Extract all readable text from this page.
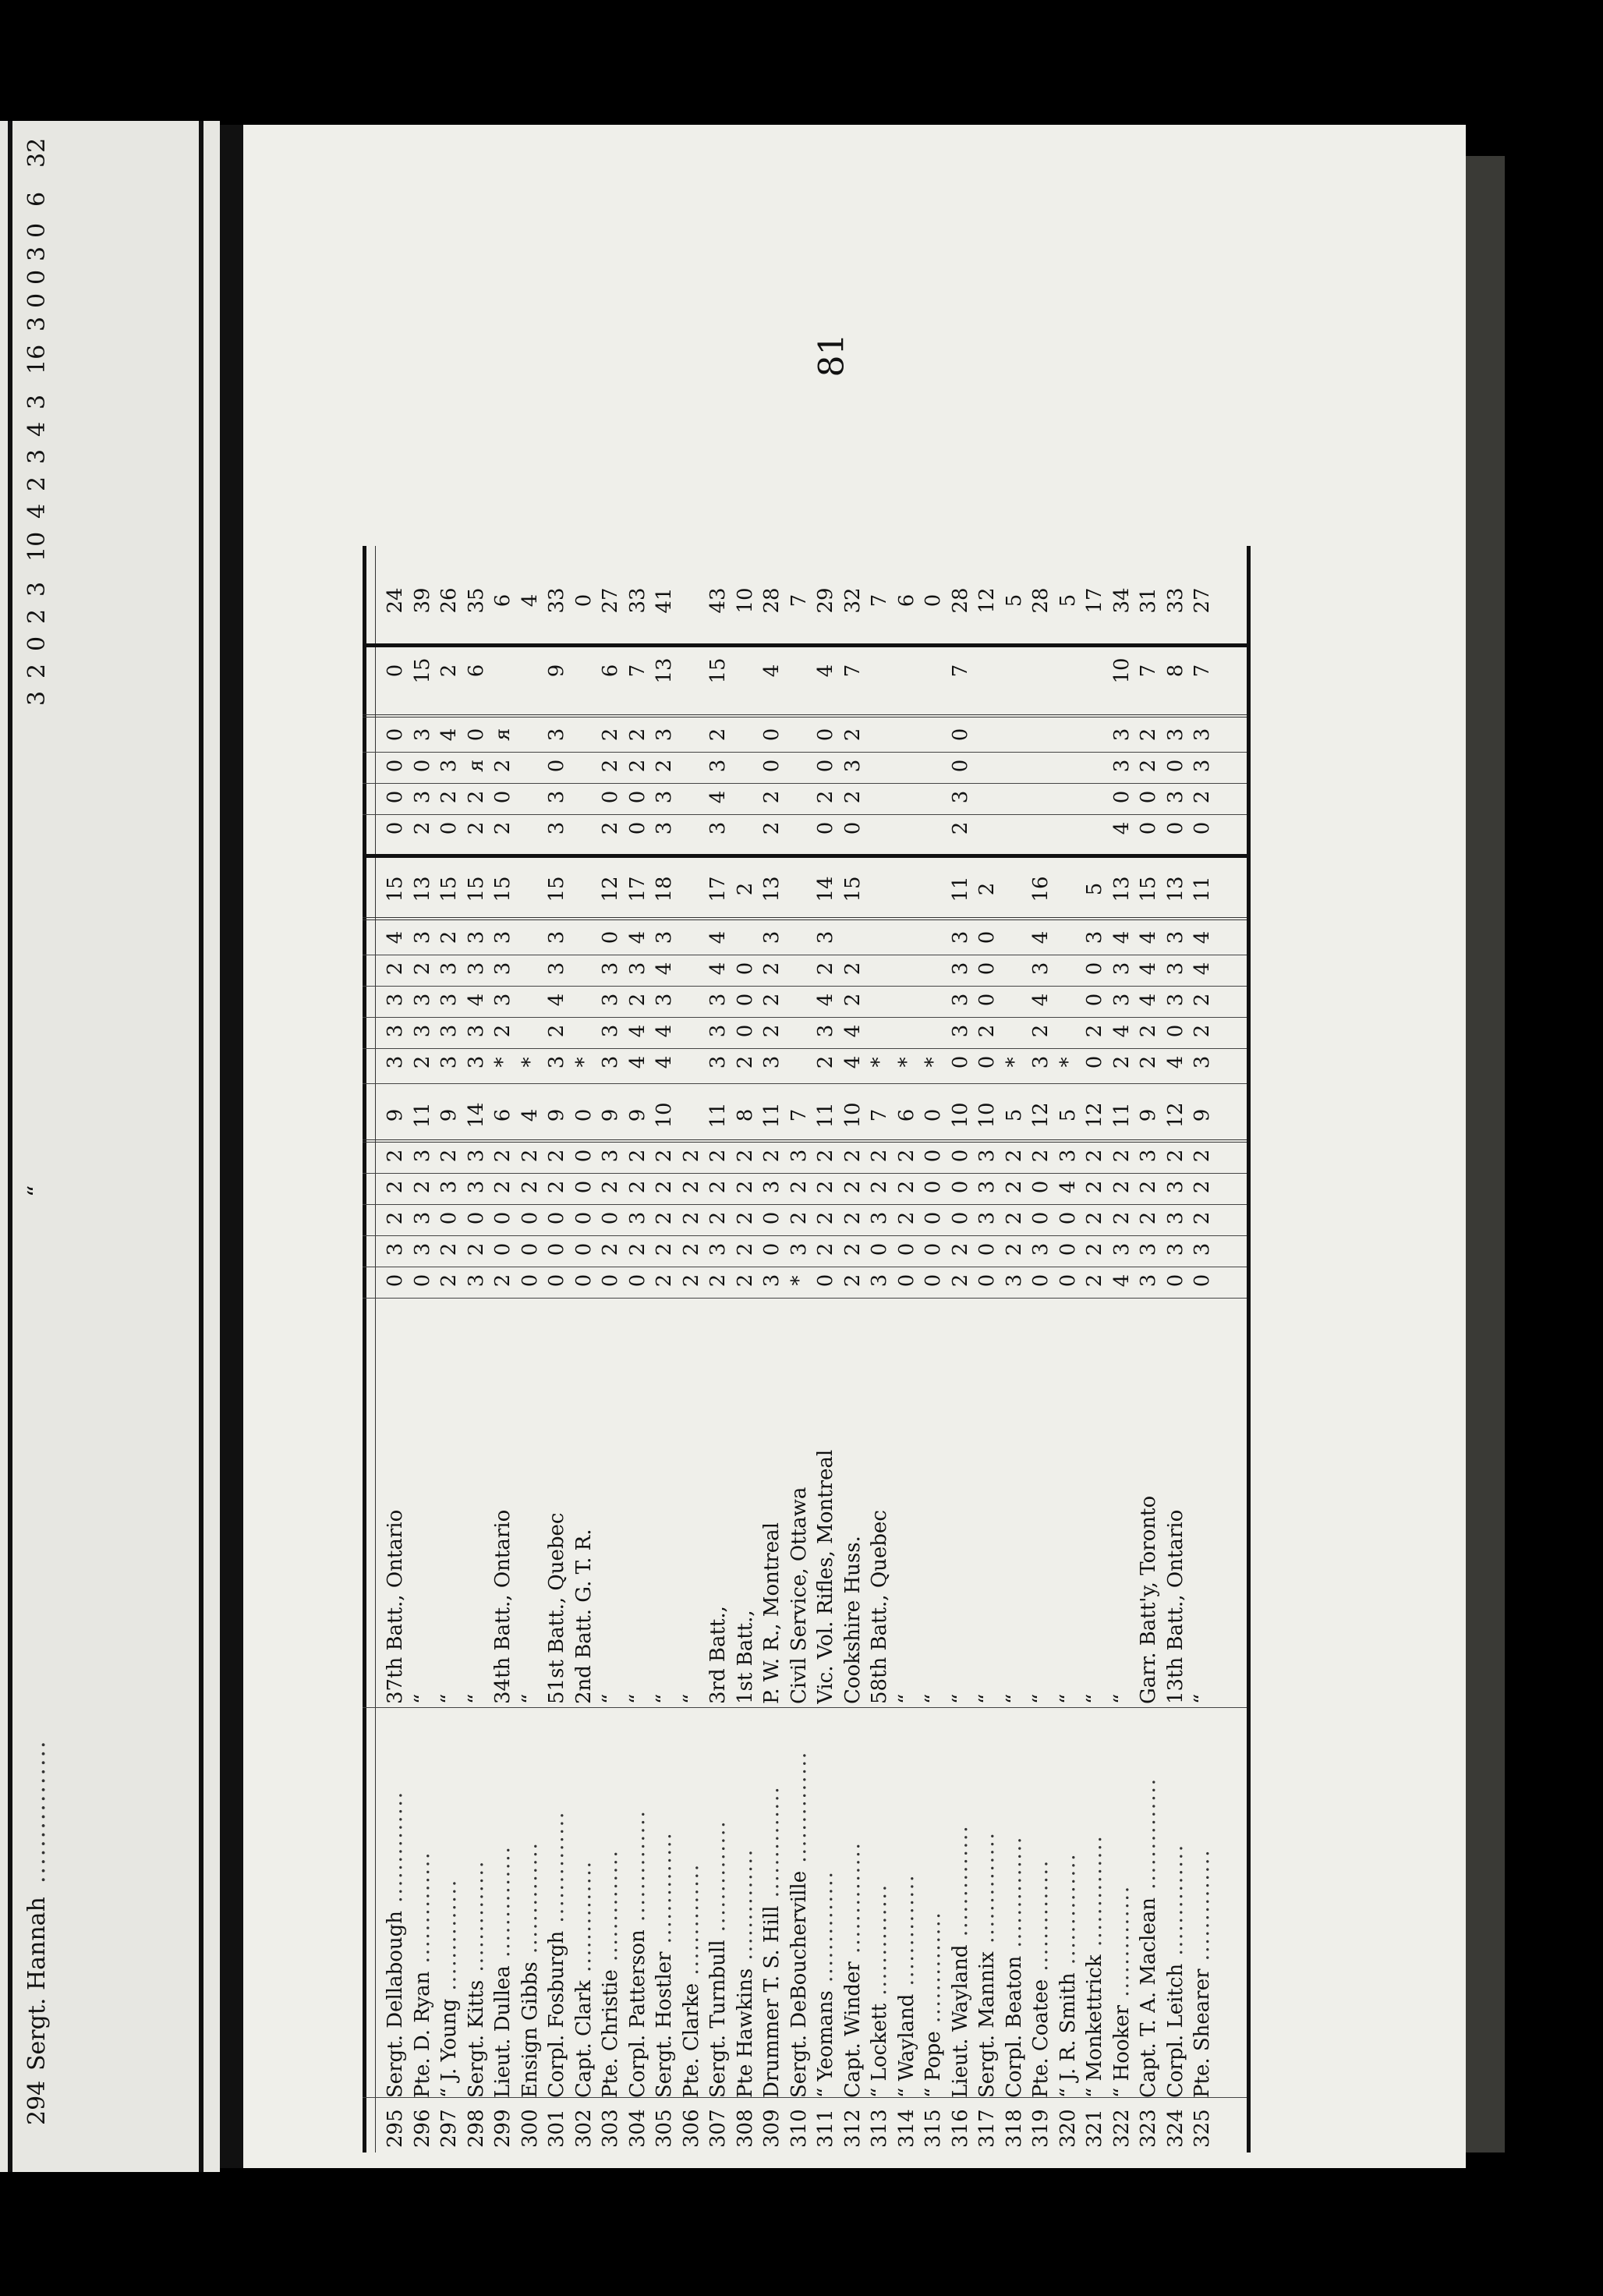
294
Sergt. Hannah
................
“
3
2
0
2
3
10
4
2
3
4
3
16
3
0
0
3
0
6
32
81
295
Sergt. Dellabough ..............
37th Batt., Ontario
0
3
2
2
2
9
3
3
3
2
4
15
0
0
0
0
0
24
296
Pte. D. Ryan ..............
“
0
3
3
2
3
11
2
3
3
2
3
13
2
3
0
3
15
39
297
“ J. Young ..............
“
2
2
0
3
2
9
3
3
3
3
2
15
0
2
3
4
2
26
298
Sergt. Kitts ..............
“
3
2
0
3
3
14
3
3
4
3
3
15
2
2
ᴙ
0
6
35
299
Lieut. Dullea ..............
34th Batt., Ontario
2
0
0
2
2
6
*
2
3
3
3
15
2
0
2
ᴙ
6
300
Ensign Gibbs ..............
“
0
0
0
2
2
4
*
4
301
Corpl. Fosburgh ..............
51st Batt., Quebec
0
0
0
2
2
9
3
2
4
3
3
15
3
3
0
3
9
33
302
Capt. Clark ..............
2nd Batt. G. T. R.
0
0
0
0
0
0
*
0
303
Pte. Christie ..............
“
0
2
0
2
3
9
3
3
3
3
0
12
2
0
2
2
6
27
304
Corpl. Patterson ..............
“
0
2
3
2
2
9
4
4
2
3
4
17
0
0
2
2
7
33
305
Sergt. Hostler ..............
“
2
2
2
2
2
10
4
4
3
4
3
18
3
3
2
3
13
41
306
Pte. Clarke ..............
“
2
2
2
2
2
307
Sergt. Turnbull ..............
3rd Batt.,
2
3
2
2
2
11
3
3
3
4
4
17
3
4
3
2
15
43
308
Pte Hawkins ..............
1st Batt.,
2
2
2
2
2
8
2
0
0
0
2
10
309
Drummer T. S. Hill ..............
P. W. R., Montreal
3
0
0
3
2
11
3
2
2
2
3
13
2
2
0
0
4
28
310
Sergt. DeBoucherville ..............
Civil Service, Ottawa
*
3
2
2
3
7
7
311
“ Yeomans ..............
Vic. Vol. Rifles, Montreal
0
2
2
2
2
11
2
3
4
2
3
14
0
2
0
0
4
29
312
Capt. Winder ..............
Cookshire Huss.
2
2
2
2
2
10
4
4
2
2
15
0
2
3
2
7
32
313
“ Lockett ..............
58th Batt., Quebec
3
0
3
2
2
7
*
7
314
“ Wayland ..............
“
0
0
2
2
2
6
*
6
315
“ Pope ..............
“
0
0
0
0
0
0
*
0
316
Lieut. Wayland ..............
“
2
2
0
0
0
10
0
3
3
3
3
11
2
3
0
0
7
28
317
Sergt. Mannix ..............
“
0
0
3
3
3
10
0
2
0
0
0
2
12
318
Corpl. Beaton ..............
“
3
2
2
2
2
5
*
5
319
Pte. Coatee ..............
“
0
3
0
0
2
12
3
2
4
3
4
16
28
320
“ J. R. Smith ..............
“
0
0
0
4
3
5
*
5
321
“ Monkettrick ..............
“
2
2
2
2
2
12
0
2
0
0
3
5
17
322
“ Hooker ..............
“
4
3
2
2
2
11
2
4
3
3
4
13
4
0
3
3
10
34
323
Capt. T. A. Maclean ..............
Garr. Batt'y, Toronto
3
3
2
2
3
9
2
2
4
4
4
15
0
0
2
2
7
31
324
Corpl. Leitch ..............
13th Batt., Ontario
0
3
3
3
2
12
4
0
3
3
3
13
0
3
0
3
8
33
325
Pte. Shearer ..............
“
0
3
2
2
2
9
3
2
2
4
4
11
0
2
3
3
7
27
